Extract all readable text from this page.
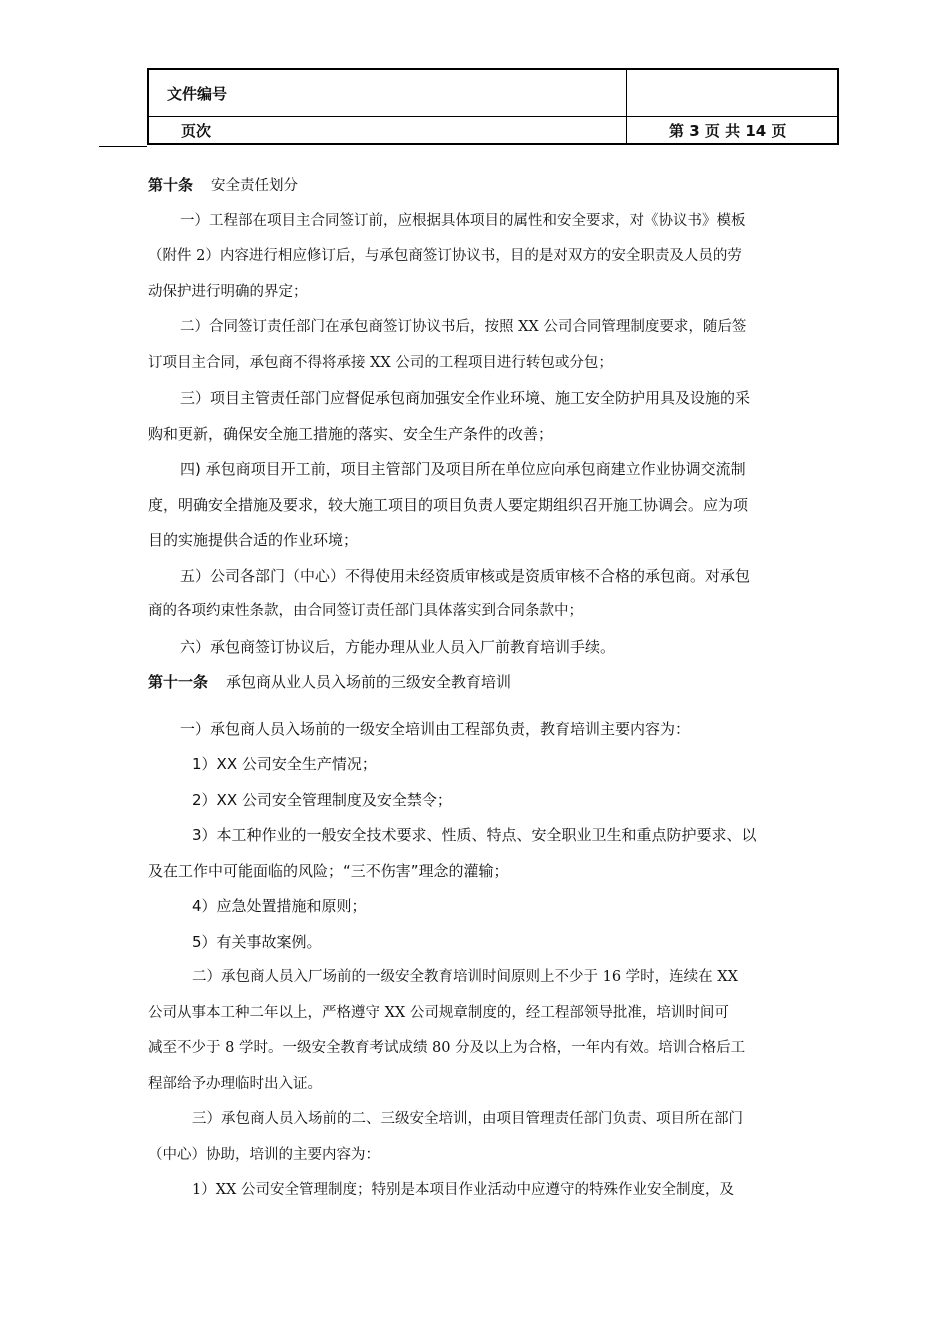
文件编号	
页次	第 3 页 共 14 页
第十条 安全责任划分
一）工程部在项目主合同签订前，应根据具体项目的属性和安全要求，对《协议书》模板
（附件 2）内容进行相应修订后，与承包商签订协议书，目的是对双方的安全职责及人员的劳
动保护进行明确的界定；
二）合同签订责任部门在承包商签订协议书后，按照 XX 公司合同管理制度要求，随后签
订项目主合同，承包商不得将承接 XX 公司的工程项目进行转包或分包；
三）项目主管责任部门应督促承包商加强安全作业环境、施工安全防护用具及设施的采
购和更新，确保安全施工措施的落实、安全生产条件的改善；
四) 承包商项目开工前，项目主管部门及项目所在单位应向承包商建立作业协调交流制
度，明确安全措施及要求，较大施工项目的项目负责人要定期组织召开施工协调会。应为项
目的实施提供合适的作业环境；
五）公司各部门（中心）不得使用未经资质审核或是资质审核不合格的承包商。对承包
商的各项约束性条款，由合同签订责任部门具体落实到合同条款中；
六）承包商签订协议后，方能办理从业人员入厂前教育培训手续。
第十一条 承包商从业人员入场前的三级安全教育培训
一）承包商人员入场前的一级安全培训由工程部负责，教育培训主要内容为：
1）XX 公司安全生产情况；
2）XX 公司安全管理制度及安全禁令；
3）本工种作业的一般安全技术要求、性质、特点、安全职业卫生和重点防护要求、以
及在工作中可能面临的风险；“三不伤害”理念的灌输；
4）应急处置措施和原则；
5）有关事故案例。
二）承包商人员入厂场前的一级安全教育培训时间原则上不少于 16 学时，连续在 XX
公司从事本工种二年以上，严格遵守 XX 公司规章制度的，经工程部领导批准，培训时间可
减至不少于 8 学时。一级安全教育考试成绩 80 分及以上为合格，一年内有效。培训合格后工
程部给予办理临时出入证。
三）承包商人员入场前的二、三级安全培训，由项目管理责任部门负责、项目所在部门
（中心）协助，培训的主要内容为：
1）XX 公司安全管理制度；特别是本项目作业活动中应遵守的特殊作业安全制度，及
